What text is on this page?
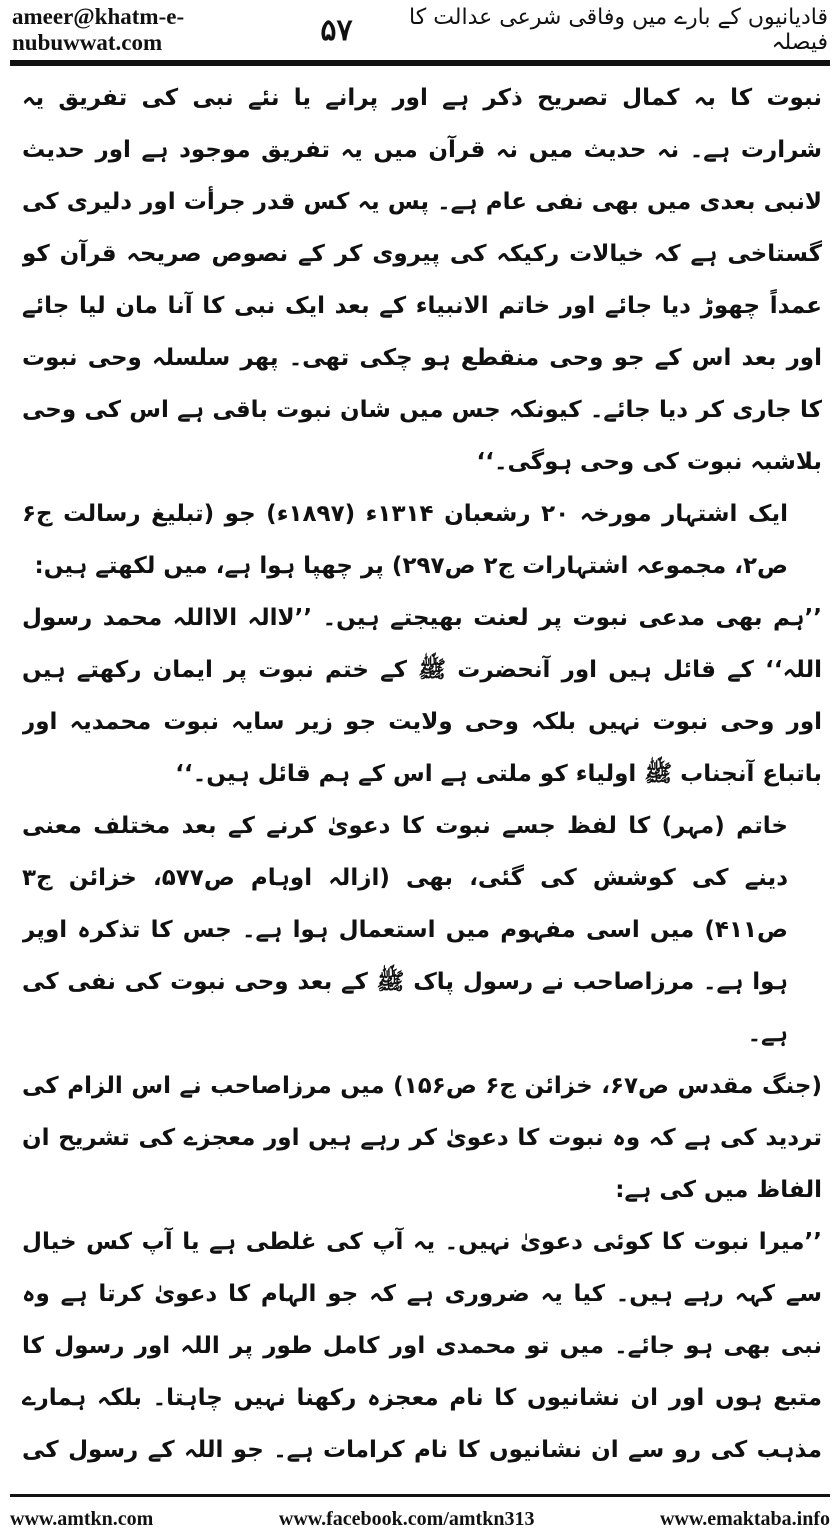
ameer@khatm-e-nubuwwat.com
قادیانیوں کے بارے میں وفاقی شرعی عدالت کا فیصلہ
۵۷

نبوت کا بہ کمال تصریح ذکر ہے اور پرانے یا نئے نبی کی تفریق یہ شرارت ہے۔ نہ حدیث میں نہ قرآن میں یہ تفریق موجود ہے اور حدیث لانبی بعدی میں بھی نفی عام ہے۔ پس یہ کس قدر جرأت اور دلیری کی گستاخی ہے کہ خیالات رکیکہ کی پیروی کر کے نصوص صریحہ قرآن کو عمداً چھوڑ دیا جائے اور خاتم الانبیاء کے بعد ایک نبی کا آنا مان لیا جائے اور بعد اس کے جو وحی منقطع ہو چکی تھی۔ پھر سلسلہ وحی نبوت کا جاری کر دیا جائے۔ کیونکہ جس میں شان نبوت باقی ہے اس کی وحی بلاشبہ نبوت کی وحی ہوگی۔‘‘

ایک اشتہار مورخہ ۲۰ رشعبان ۱۳۱۴ء (۱۸۹۷ء) جو (تبلیغ رسالت ج۶ ص۲، مجموعہ اشتہارات ج۲ ص۲۹۷) پر چھپا ہوا ہے، میں لکھتے ہیں:

’’ہم بھی مدعی نبوت پر لعنت بھیجتے ہیں۔ ’’لاالہ الااللہ محمد رسول اللہ‘‘ کے قائل ہیں اور آنحضرت ﷺ کے ختم نبوت پر ایمان رکھتے ہیں اور وحی نبوت نہیں بلکہ وحی ولایت جو زیر سایہ نبوت محمدیہ اور باتباع آنجناب ﷺ اولیاء کو ملتی ہے اس کے ہم قائل ہیں۔‘‘

خاتم (مہر) کا لفظ جسے نبوت کا دعویٰ کرنے کے بعد مختلف معنی دینے کی کوشش کی گئی، بھی (ازالہ اوہام ص۵۷۷، خزائن ج۳ ص۴۱۱) میں اسی مفہوم میں استعمال ہوا ہے۔ جس کا تذکرہ اوپر ہوا ہے۔ مرزاصاحب نے رسول پاک ﷺ کے بعد وحی نبوت کی نفی کی ہے۔

(جنگ مقدس ص۶۷، خزائن ج۶ ص۱۵۶) میں مرزاصاحب نے اس الزام کی تردید کی ہے کہ وہ نبوت کا دعویٰ کر رہے ہیں اور معجزے کی تشریح ان الفاظ میں کی ہے:

’’میرا نبوت کا کوئی دعویٰ نہیں۔ یہ آپ کی غلطی ہے یا آپ کس خیال سے کہہ رہے ہیں۔ کیا یہ ضروری ہے کہ جو الہام کا دعویٰ کرتا ہے وہ نبی بھی ہو جائے۔ میں تو محمدی اور کامل طور پر اللہ اور رسول کا متبع ہوں اور ان نشانیوں کا نام معجزہ رکھنا نہیں چاہتا۔ بلکہ ہمارے مذہب کی رو سے ان نشانیوں کا نام کرامات ہے۔ جو اللہ کے رسول کی

www.amtkn.com	www.facebook.com/amtkn313	www.emaktaba.info
